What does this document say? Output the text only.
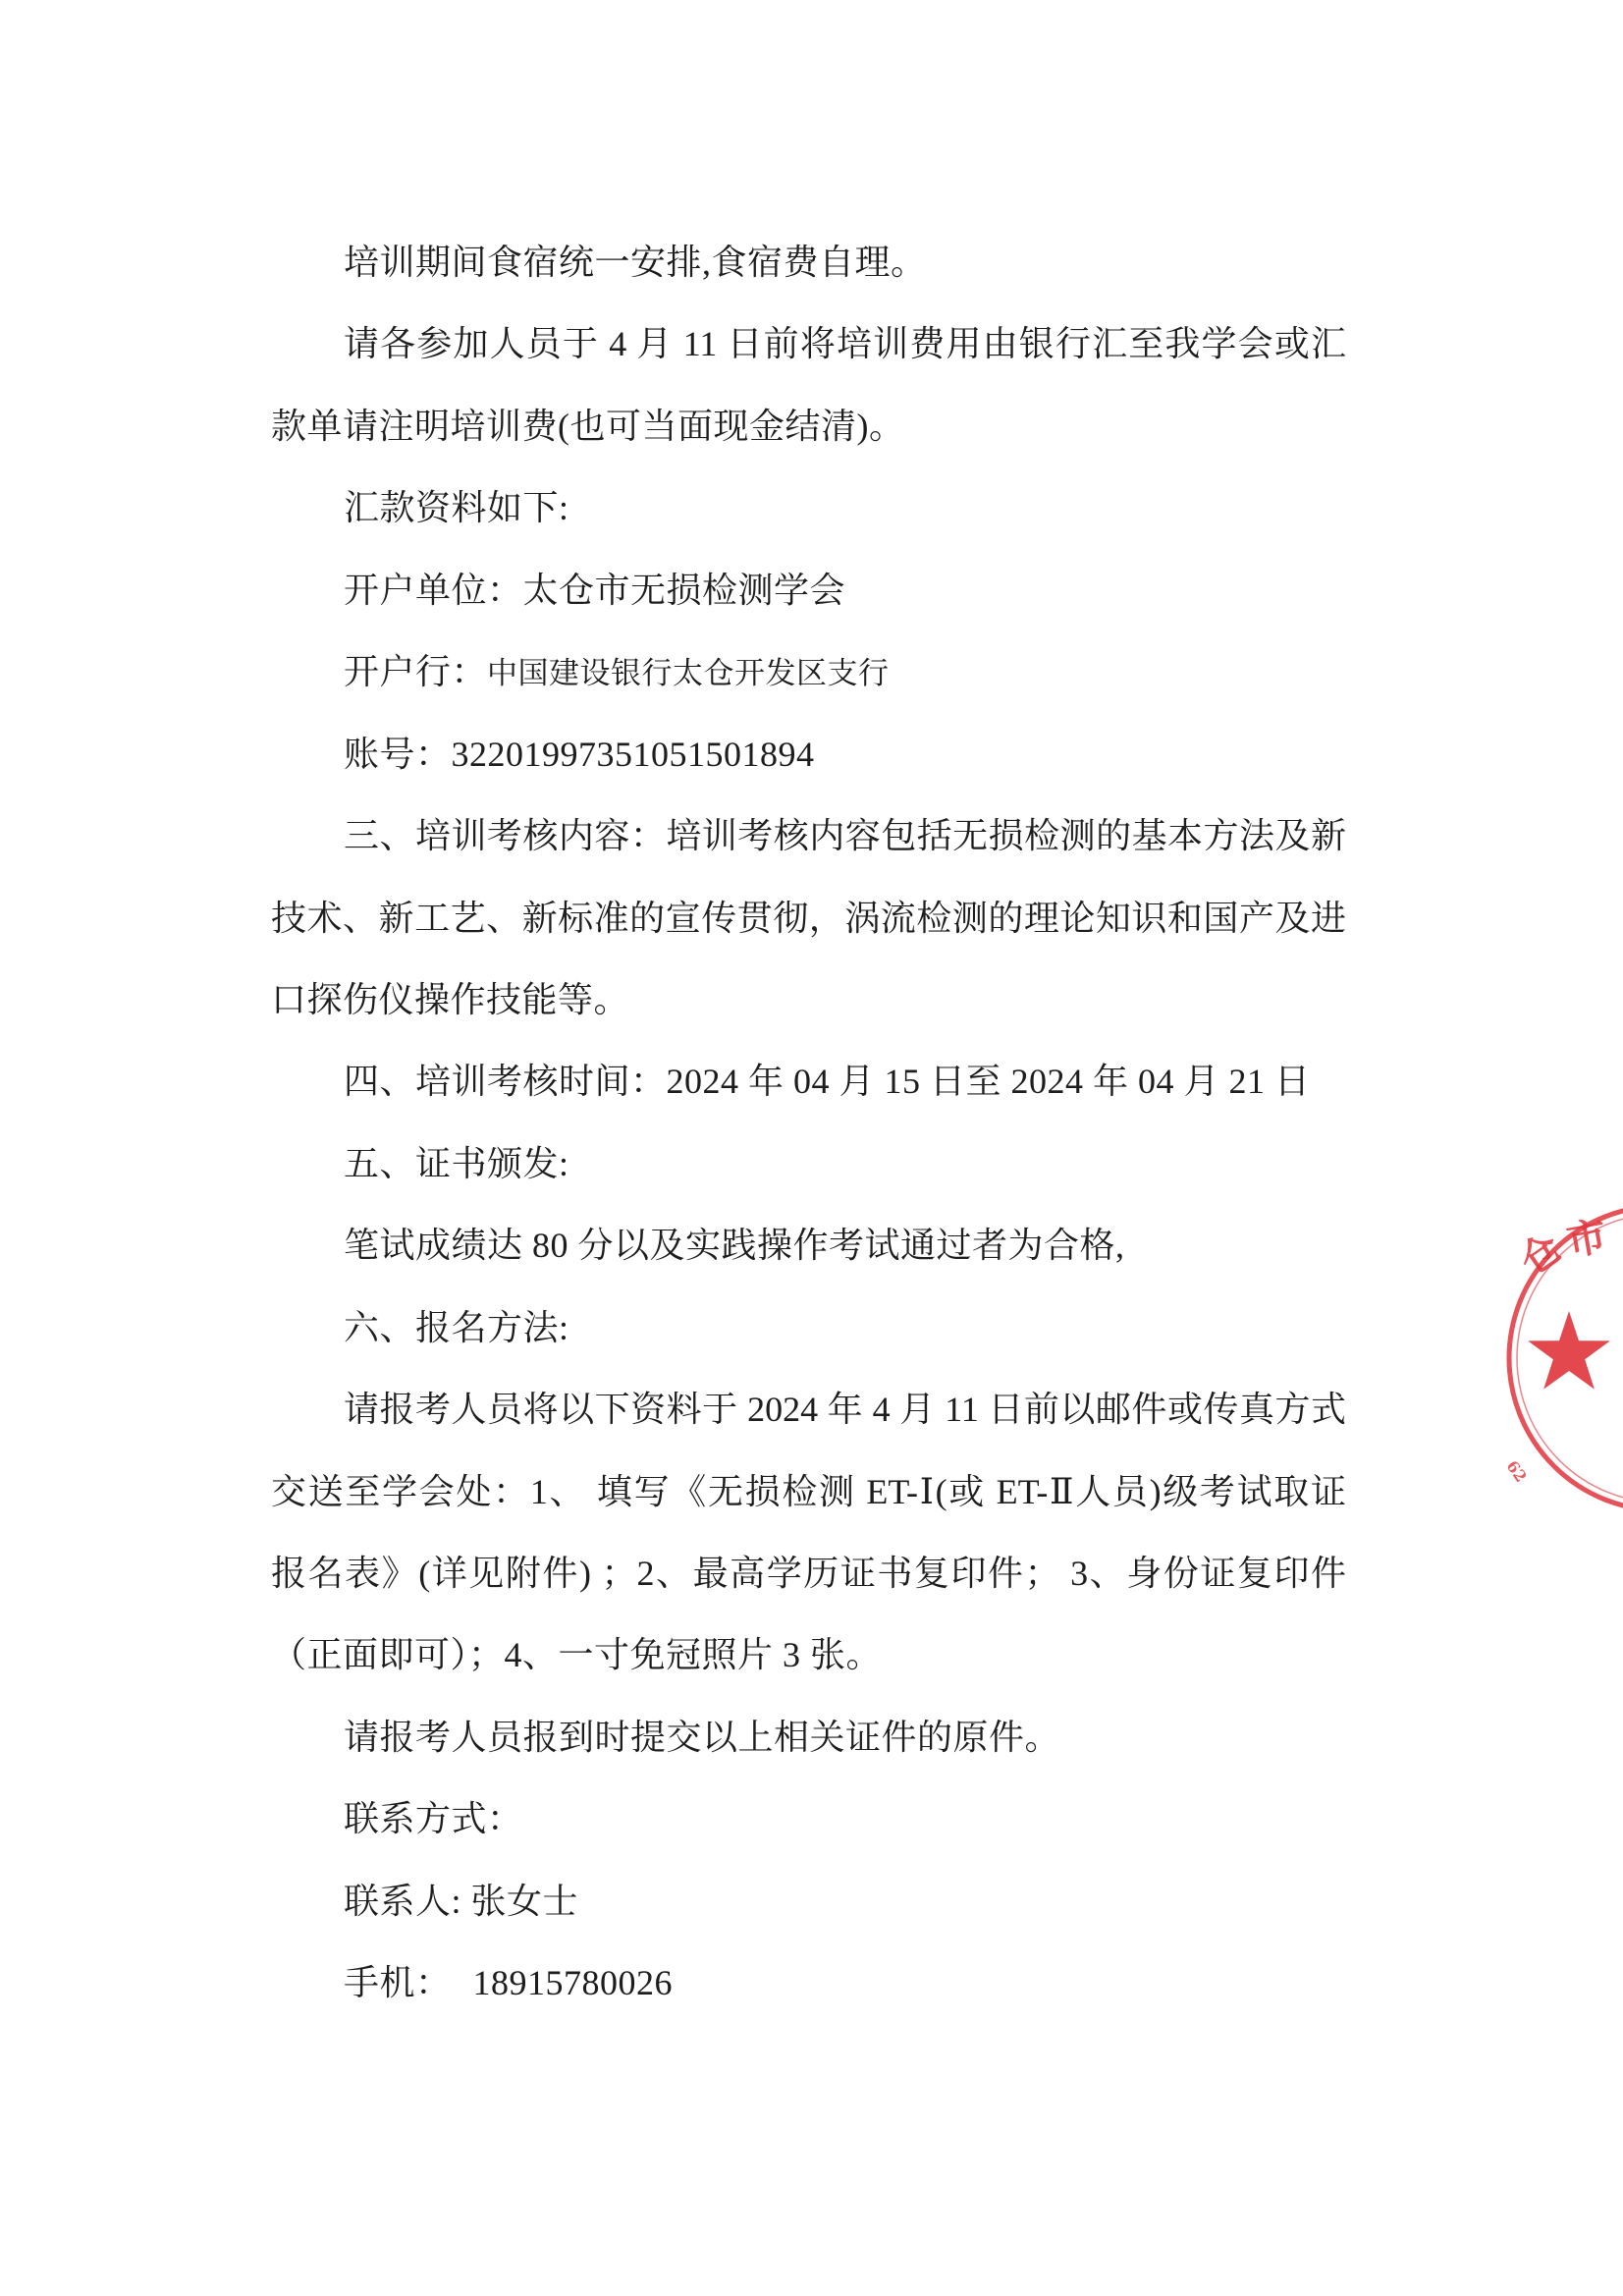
培训期间食宿统一安排,食宿费自理。
请各参加人员于 4 月 11 日前将培训费用由银行汇至我学会或汇
款单请注明培训费(也可当面现金结清)。
汇款资料如下:
开户单位：太仓市无损检测学会
开户行：中国建设银行太仓开发区支行
账号：32201997351051501894
三、培训考核内容：培训考核内容包括无损检测的基本方法及新
技术、新工艺、新标准的宣传贯彻，涡流检测的理论知识和国产及进
口探伤仪操作技能等。
四、培训考核时间：2024 年 04 月 15 日至 2024 年 04 月 21 日
五、证书颁发:
笔试成绩达 80 分以及实践操作考试通过者为合格,
六、报名方法:
请报考人员将以下资料于 2024 年 4 月 11 日前以邮件或传真方式
交送至学会处：1、 填写《无损检测 ET-Ⅰ(或 ET-Ⅱ人员)级考试取证
报名表》(详见附件) ；2、最高学历证书复印件； 3、身份证复印件
（正面即可）；4、一寸免冠照片 3 张。
请报考人员报到时提交以上相关证件的原件。
联系方式：
联系人: 张女士
手机： 18915780026
仓
市
62
